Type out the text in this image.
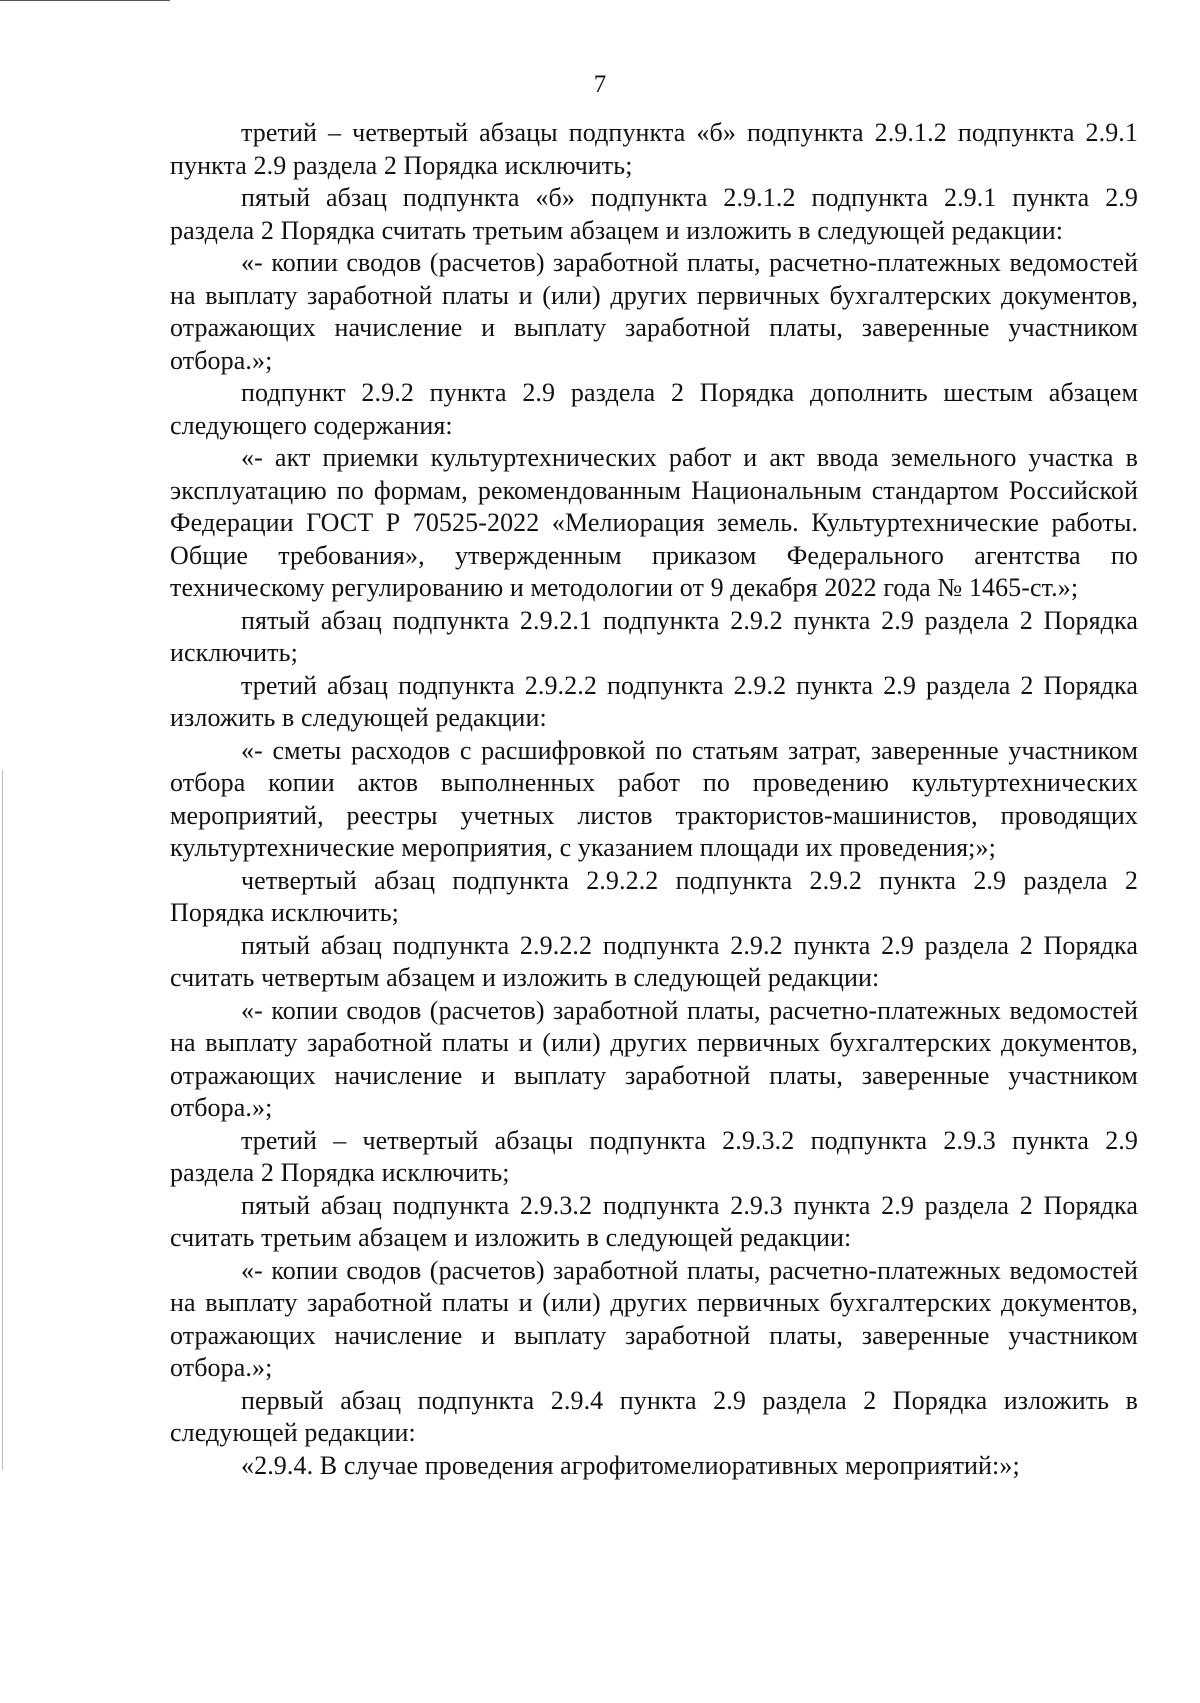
7

третий – четвертый абзацы подпункта «б» подпункта 2.9.1.2 подпункта 2.9.1 пункта 2.9 раздела 2 Порядка исключить;

пятый абзац подпункта «б» подпункта 2.9.1.2 подпункта 2.9.1 пункта 2.9 раздела 2 Порядка считать третьим абзацем и изложить в следующей редакции:

«- копии сводов (расчетов) заработной платы, расчетно-платежных ведомостей на выплату заработной платы и (или) других первичных бухгалтерских документов, отражающих начисление и выплату заработной платы, заверенные участником отбора.»;

подпункт 2.9.2 пункта 2.9 раздела 2 Порядка дополнить шестым абзацем следующего содержания:

«- акт приемки культуртехнических работ и акт ввода земельного участка в эксплуатацию по формам, рекомендованным Национальным стандартом Российской Федерации ГОСТ Р 70525-2022 «Мелиорация земель. Культуртехнические работы. Общие требования», утвержденным приказом Федерального агентства по техническому регулированию и методологии от 9 декабря 2022 года № 1465-ст.»;

пятый абзац подпункта 2.9.2.1 подпункта 2.9.2 пункта 2.9 раздела 2 Порядка исключить;

третий абзац подпункта 2.9.2.2 подпункта 2.9.2 пункта 2.9 раздела 2 Порядка изложить в следующей редакции:

«- сметы расходов с расшифровкой по статьям затрат, заверенные участником отбора копии актов выполненных работ по проведению культуртехнических мероприятий, реестры учетных листов трактористов-машинистов, проводящих культуртехнические мероприятия, с указанием площади их проведения;»;

четвертый абзац подпункта 2.9.2.2 подпункта 2.9.2 пункта 2.9 раздела 2 Порядка исключить;

пятый абзац подпункта 2.9.2.2 подпункта 2.9.2 пункта 2.9 раздела 2 Порядка считать четвертым абзацем и изложить в следующей редакции:

«- копии сводов (расчетов) заработной платы, расчетно-платежных ведомостей на выплату заработной платы и (или) других первичных бухгалтерских документов, отражающих начисление и выплату заработной платы, заверенные участником отбора.»;

третий – четвертый абзацы подпункта 2.9.3.2 подпункта 2.9.3 пункта 2.9 раздела 2 Порядка исключить;

пятый абзац подпункта 2.9.3.2 подпункта 2.9.3 пункта 2.9 раздела 2 Порядка считать третьим абзацем и изложить в следующей редакции:

«- копии сводов (расчетов) заработной платы, расчетно-платежных ведомостей на выплату заработной платы и (или) других первичных бухгалтерских документов, отражающих начисление и выплату заработной платы, заверенные участником отбора.»;

первый абзац подпункта 2.9.4 пункта 2.9 раздела 2 Порядка изложить в следующей редакции:

«2.9.4. В случае проведения агрофитомелиоративных мероприятий:»;
